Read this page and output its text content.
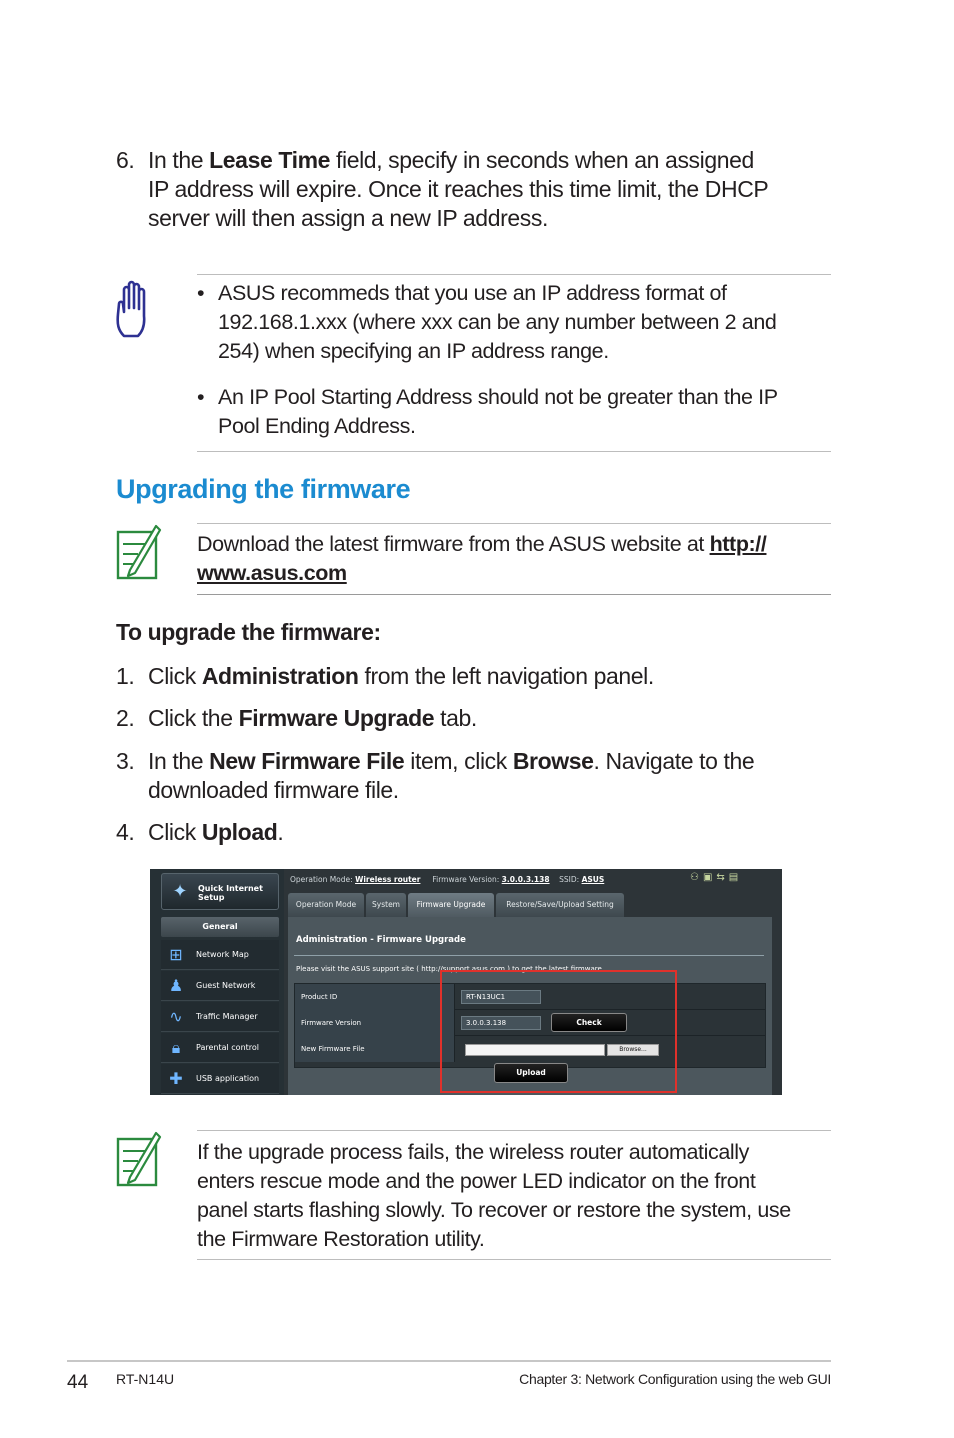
6. In the Lease Time field, specify in seconds when an assigned
IP address will expire. Once it reaches this time limit, the DHCP
server will then assign a new IP address.
• ASUS recommeds that you use an IP address format of
192.168.1.xxx (where xxx can be any number between 2 and
254) when specifying an IP address range.
• An IP Pool Starting Address should not be greater than the IP
Pool Ending Address.
Upgrading the firmware
Download the latest firmware from the ASUS website at http://
www.asus.com
To upgrade the firmware:
1. Click Administration from the left navigation panel.
2. Click the Firmware Upgrade tab.
3. In the New Firmware File item, click Browse. Navigate to the
downloaded firmware file.
4. Click Upload.
✦	Quick Internet Setup
General
⊞	Network Map
♟	Guest Network
∿	Traffic Manager
🔒︎	Parental control
✚	USB application
Operation Mode: Wireless router Firmware Version: 3.0.0.3.138 SSID: ASUS	⚇▣⇆▤
Operation Mode	System	Firmware Upgrade	Restore/Save/Upload Setting
Administration - Firmware Upgrade
Please visit the ASUS support site ( http://support.asus.com ) to get the latest firmware.
Product ID	RT-N13UC1
Firmware Version	3.0.0.3.138	Check
New Firmware File	Browse...
Upload
If the upgrade process fails, the wireless router automatically
enters rescue mode and the power LED indicator on the front
panel starts flashing slowly. To recover or restore the system, use
the Firmware Restoration utility.
44 RT-N14U	Chapter 3: Network Configuration using the web GUI
